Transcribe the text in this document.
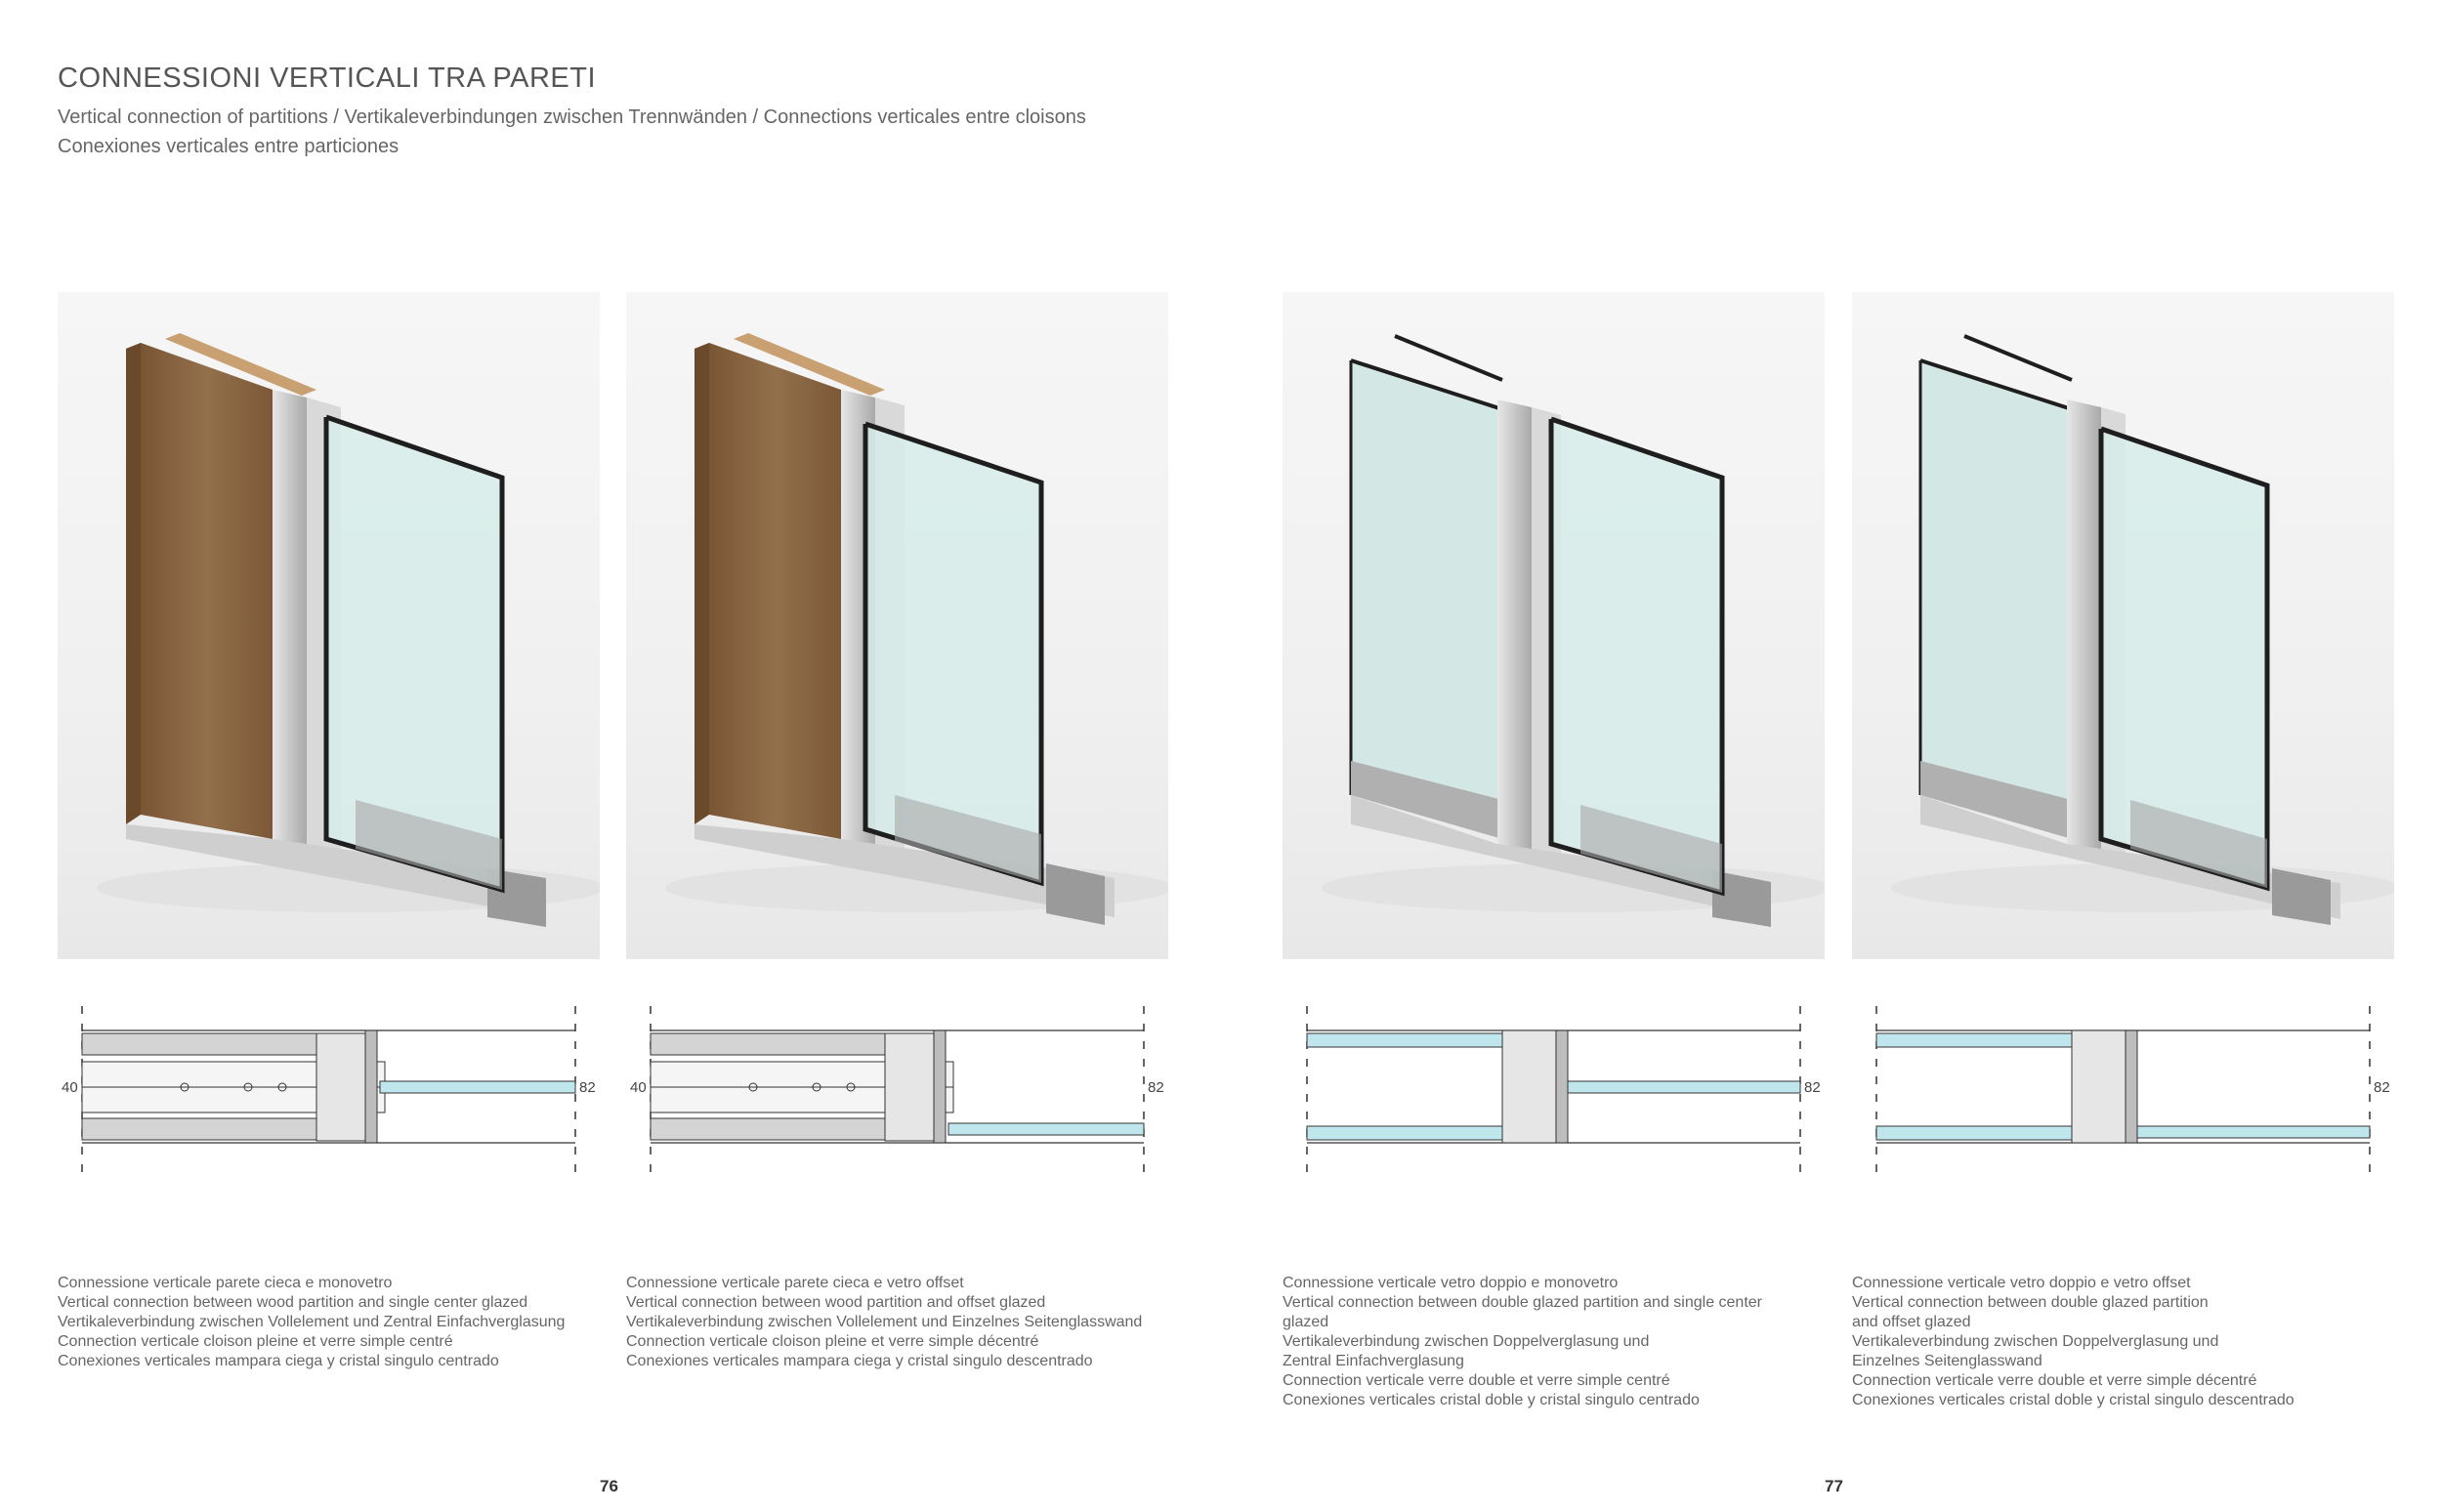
CONNESSIONI VERTICALI TRA PARETI
Vertical connection of partitions / Vertikaleverbindungen zwischen Trennwänden / Connections verticales entre cloisons
Conexiones verticales entre particiones
40	82 40	82	82	82
Connessione verticale parete cieca e monovetro
Vertical connection between wood partition and single center glazed
Vertikaleverbindung zwischen Vollelement und Zentral Einfachverglasung
Connection verticale cloison pleine et verre simple centré
Conexiones verticales mampara ciega y cristal singulo centrado
Connessione verticale parete cieca e vetro offset
Vertical connection between wood partition and offset glazed
Vertikaleverbindung zwischen Vollelement und Einzelnes Seitenglasswand
Connection verticale cloison pleine et verre simple décentré
Conexiones verticales mampara ciega y cristal singulo descentrado
Connessione verticale vetro doppio e monovetro
Vertical connection between double glazed partition and single center
glazed
Vertikaleverbindung zwischen Doppelverglasung und
Zentral Einfachverglasung
Connection verticale verre double et verre simple centré
Conexiones verticales cristal doble y cristal singulo centrado
Connessione verticale vetro doppio e vetro offset
Vertical connection between double glazed partition
and offset glazed
Vertikaleverbindung zwischen Doppelverglasung und
Einzelnes Seitenglasswand
Connection verticale verre double et verre simple décentré
Conexiones verticales cristal doble y cristal singulo descentrado
76	77
